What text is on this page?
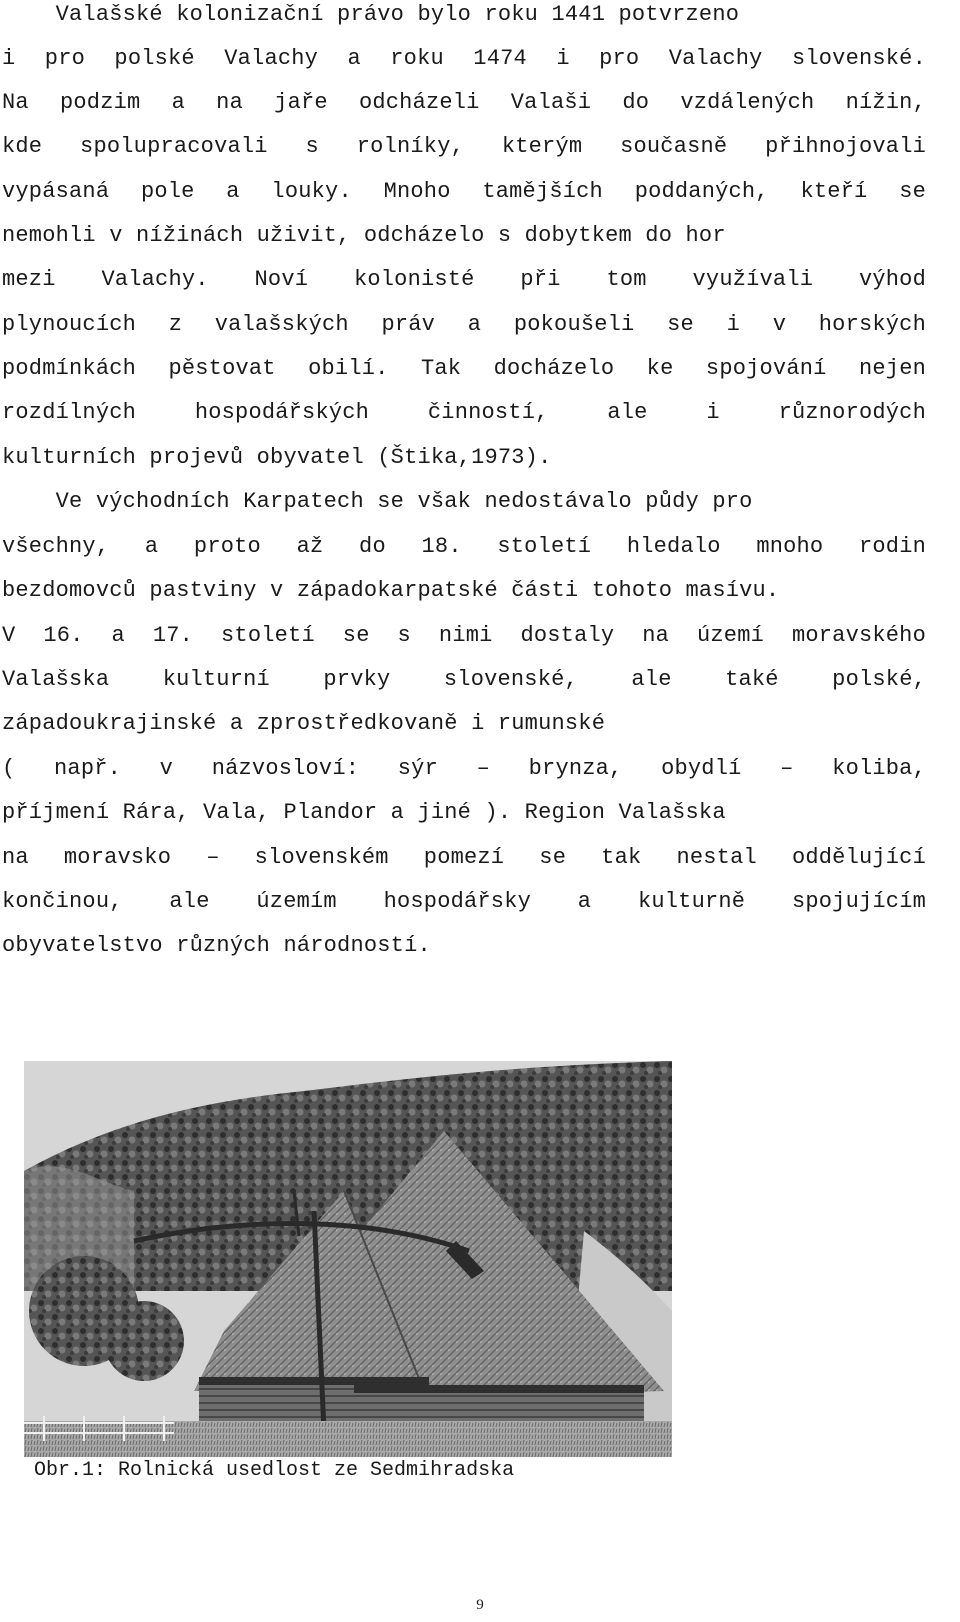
Valašské kolonizační právo bylo roku 1441 potvrzeno
i pro polské Valachy a roku 1474 i pro Valachy slovenské.
Na podzim a na jaře odcházeli Valaši do vzdálených nížin,
kde spolupracovali s rolníky, kterým současně přihnojovali
vypásaná pole a louky. Mnoho tamějších poddaných, kteří se
nemohli v nížinách uživit, odcházelo s dobytkem do hor
mezi Valachy. Noví kolonisté při tom využívali výhod
plynoucích z valašských práv a pokoušeli se i v horských
podmínkách pěstovat obilí. Tak docházelo ke spojování nejen
rozdílných hospodářských činností, ale i různorodých
kulturních projevů obyvatel (Štika,1973).
Ve východních Karpatech se však nedostávalo půdy pro
všechny, a proto až do 18. století hledalo mnoho rodin
bezdomovců pastviny v západokarpatské části tohoto masívu.
V 16. a 17. století se s nimi dostaly na území moravského
Valašska kulturní prvky slovenské, ale také polské,
západoukrajinské a zprostředkovaně i rumunské
( např. v názvosloví: sýr – brynza, obydlí – koliba,
příjmení Rára, Vala, Plandor a jiné ). Region Valašska
na moravsko – slovenském pomezí se tak nestal oddělující
končinou, ale územím hospodářsky a kulturně spojujícím
obyvatelstvo různých národností.
Obr.1: Rolnická usedlost ze Sedmihradska
9
